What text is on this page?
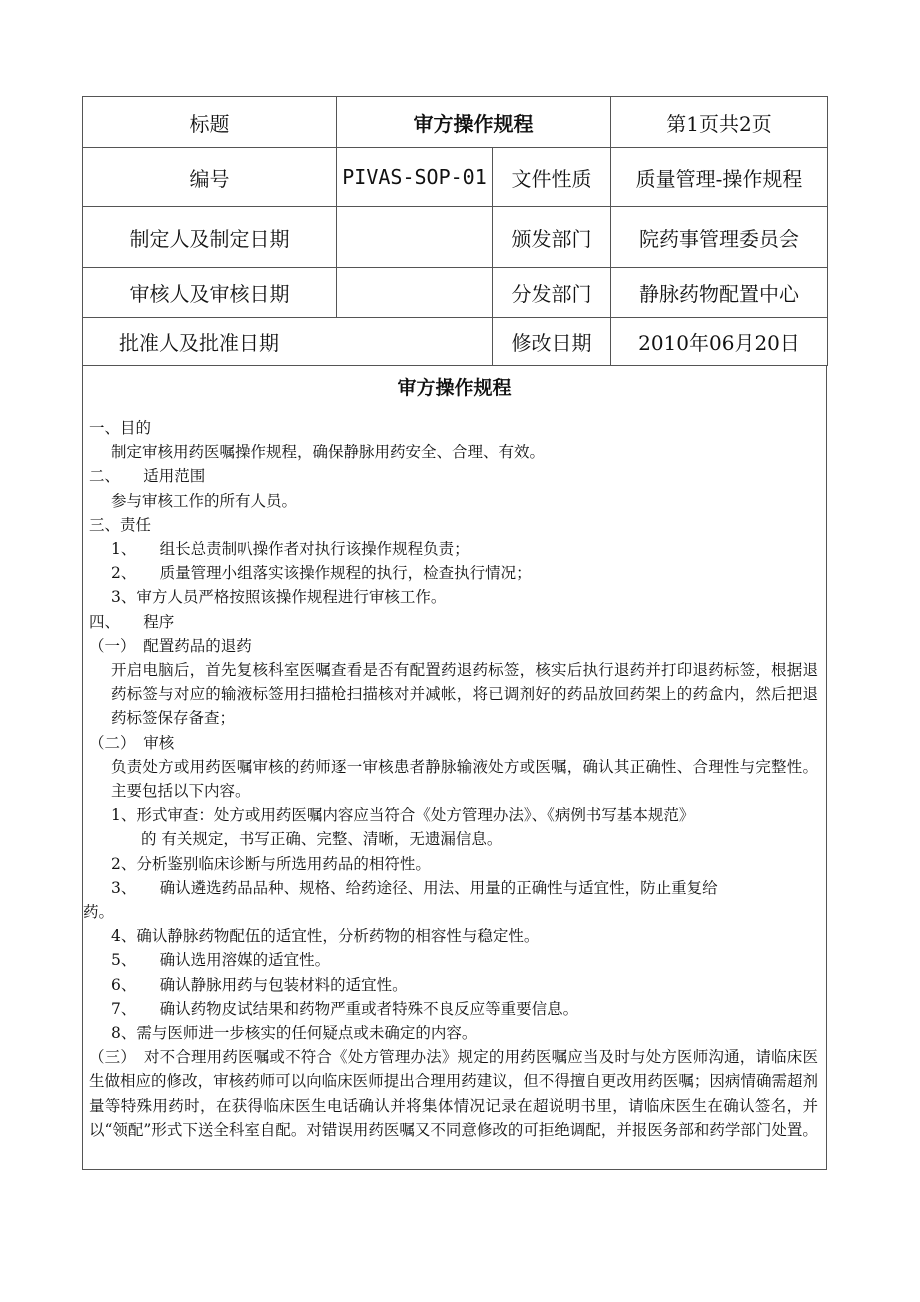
标题	审方操作规程		第1页共2页
编号	PIVAS-SOP-01	文件性质	质量管理-操作规程
制定人及制定日期		颁发部门	院药事管理委员会
审核人及审核日期		分发部门	静脉药物配置中心
批准人及批准日期		修改日期	2010年06月20日
审方操作规程
一、目的
制定审核用药医嘱操作规程，确保静脉用药安全、合理、有效。
二、　　适用范围
参与审核工作的所有人员。
三、责任
1、　　组长总责制叭操作者对执行该操作规程负责；
2、　　质量管理小组落实该操作规程的执行，检查执行情况；
3、审方人员严格按照该操作规程进行审核工作。
四、　　程序
（一）　配置药品的退药
开启电脑后，首先复核科室医嘱查看是否有配置药退药标签，核实后执行退药并打印退药标签，根据退药标签与对应的输液标签用扫描枪扫描核对并减帐，将已调剂好的药品放回药架上的药盒内，然后把退药标签保存备查；
（二）　审核
负责处方或用药医嘱审核的药师逐一审核患者静脉输液处方或医嘱，确认其正确性、合理性与完整性。主要包括以下内容。
1、形式审查：处方或用药医嘱内容应当符合《处方管理办法》、《病例书写基本规范》
的 有关规定，书写正确、完整、清晰，无遗漏信息。
2、分析鉴别临床诊断与所选用药品的相符性。
3、　　确认遴选药品品种、规格、给药途径、用法、用量的正确性与适宜性，防止重复给
药。
4、确认静脉药物配伍的适宜性，分析药物的相容性与稳定性。
5、　　确认选用溶媒的适宜性。
6、　　确认静脉用药与包装材料的适宜性。
7、　　确认药物皮试结果和药物严重或者特殊不良反应等重要信息。
8、需与医师进一步核实的任何疑点或未确定的内容。
（三）　对不合理用药医嘱或不符合《处方管理办法》规定的用药医嘱应当及时与处方医师沟通，请临床医生做相应的修改，审核药师可以向临床医师提出合理用药建议，但不得擅自更改用药医嘱；因病情确需超剂量等特殊用药时，在获得临床医生电话确认并将集体情况记录在超说明书里，请临床医生在确认签名，并以“领配”形式下送全科室自配。对错误用药医嘱又不同意修改的可拒绝调配，并报医务部和药学部门处置。
